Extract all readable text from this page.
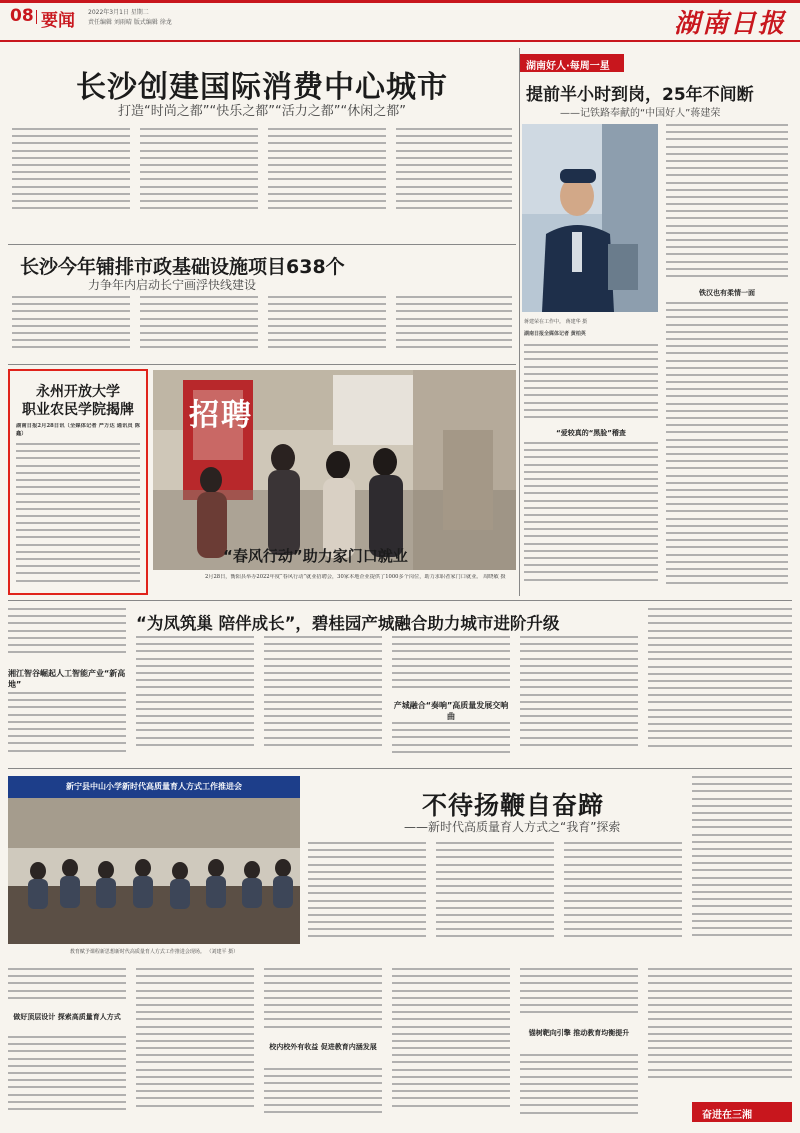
08 要闻 2022年3月1日 星期二
责任编辑 刘雨晴 版式编辑 徐龙	湖南日报
长沙创建国际消费中心城市
打造“时尚之都”“快乐之都”“活力之都”“休闲之都”
长沙今年铺排市政基础设施项目638个
力争年内启动长宁画浮快线建设
永州开放大学
职业农民学院揭牌
湖南日报2月28日讯（全媒体记者 严万达 通讯员 陈鑫）
招聘
“春风行动”助力家门口就业
2月28日，衡阳县举办2022年度“春风行动”就业招聘会，30家本地企业提供了1000多个岗位，助力求职者家门口就业。 周晓敏 摄
湖南好人·每周一星
提前半小时到岗，25年不间断
——记铁路奉献的“中国好人”蒋建荣
蒋建荣在工作中。 蒋建华 摄
湖南日报全媒体记者 黄柏英
铁汉也有柔情一面
“爱较真的“黑脸”稽查
“为凤筑巢 陪伴成长”，碧桂园产城融合助力城市进阶升级
湘江智谷崛起人工智能产业“新高地”
产城融合“奏响”高质量发展交响曲
新宁县中山小学新时代高质量育人方式工作推进会
教育赋予课程新思想新时代高质量育人方式工作推进会现场。 （刘建平 摄）
不待扬鞭自奋蹄
——新时代高质量育人方式之“我育”探索
做好顶层设计 探索高质量育人方式
校内校外有收益 促进教育内涵发展
锚树靶向引擎 推动教育均衡提升
奋进在三湘
